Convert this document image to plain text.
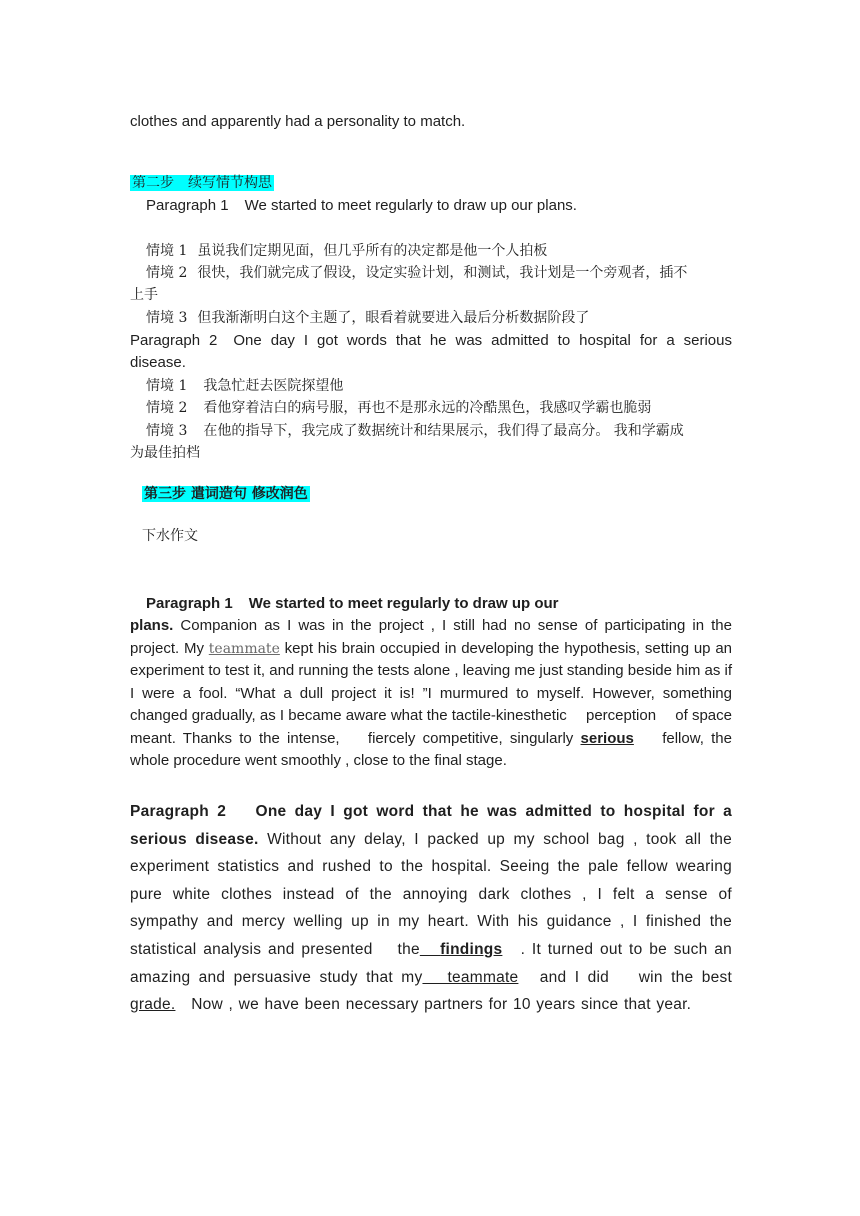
clothes and apparently had a personality to match.
第二步　续写情节构思
Paragraph 1 We started to meet regularly to draw up our plans.
情境 1 虽说我们定期见面，但几乎所有的决定都是他一个人拍板
情境 2 很快，我们就完成了假设，设定实验计划，和测试，我计划是一个旁观者，插不
上手
情境 3 但我渐渐明白这个主题了，眼看着就要进入最后分析数据阶段了
Paragraph 2 One day I got words that he was admitted to hospital for a serious
disease.
情境 1 我急忙赶去医院探望他
情境 2 看他穿着洁白的病号服，再也不是那永远的冷酷黑色，我感叹学霸也脆弱
情境 3 在他的指导下，我完成了数据统计和结果展示，我们得了最高分。 我和学霸成
为最佳拍档
第三步 遣词造句 修改润色
下水作文
Paragraph 1 We started to meet regularly to draw up our
plans. Companion as I was in the project , I still had no sense of participating in the project. My teammate kept his brain occupied in developing the hypothesis, setting up an experiment to test it, and running the tests alone , leaving me just standing beside him as if I were a fool. “What a dull project it is! ”I murmured to myself. However, something changed gradually, as I became aware what the tactile-kinesthetic　 perception　 of space　 meant. Thanks to the intense,　 fiercely competitive, singularly serious　 fellow, the whole procedure went smoothly , close to the final stage.
Paragraph 2　 One day I got word that he was admitted to hospital for a serious disease. Without any delay, I packed up my school bag , took all the experiment statistics and rushed to the hospital. Seeing the pale fellow wearing pure white clothes instead of the annoying dark clothes , I felt a sense of sympathy and mercy welling up in my heart. With his guidance , I finished the statistical analysis and presented　 the findings　. It turned out to be such an amazing and persuasive study that my teammate　and I did　 win the best grade.　Now , we have been necessary partners for 10 years since that year.
